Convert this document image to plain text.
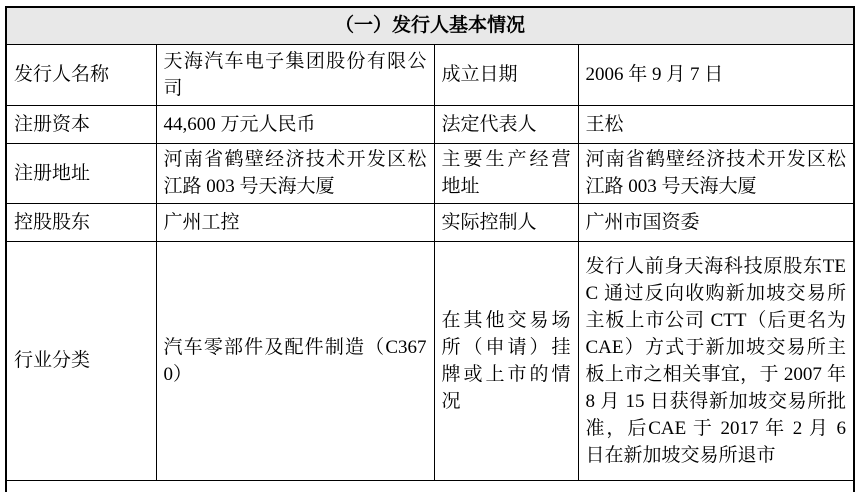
（一）发行人基本情况			
发行人名称	天海汽车电子集团股份有限公司	成立日期	2006 年 9 月 7 日
注册资本	44,600 万元人民币	法定代表人	王松
注册地址	河南省鹤壁经济技术开发区松江路 003 号天海大厦	主要生产经营地址	河南省鹤壁经济技术开发区松江路 003 号天海大厦
控股股东	广州工控	实际控制人	广州市国资委
行业分类	汽车零部件及配件制造（C3670）	在其他交易场所（申请）挂牌或上市的情况	发行人前身天海科技原股东TEC 通过反向收购新加坡交易所主板上市公司 CTT（后更名为 CAE）方式于新加坡交易所主板上市之相关事宜，于 2007 年 8 月 15 日获得新加坡交易所批准，后CAE 于 2017 年 2 月 6 日在新加坡交易所退市
